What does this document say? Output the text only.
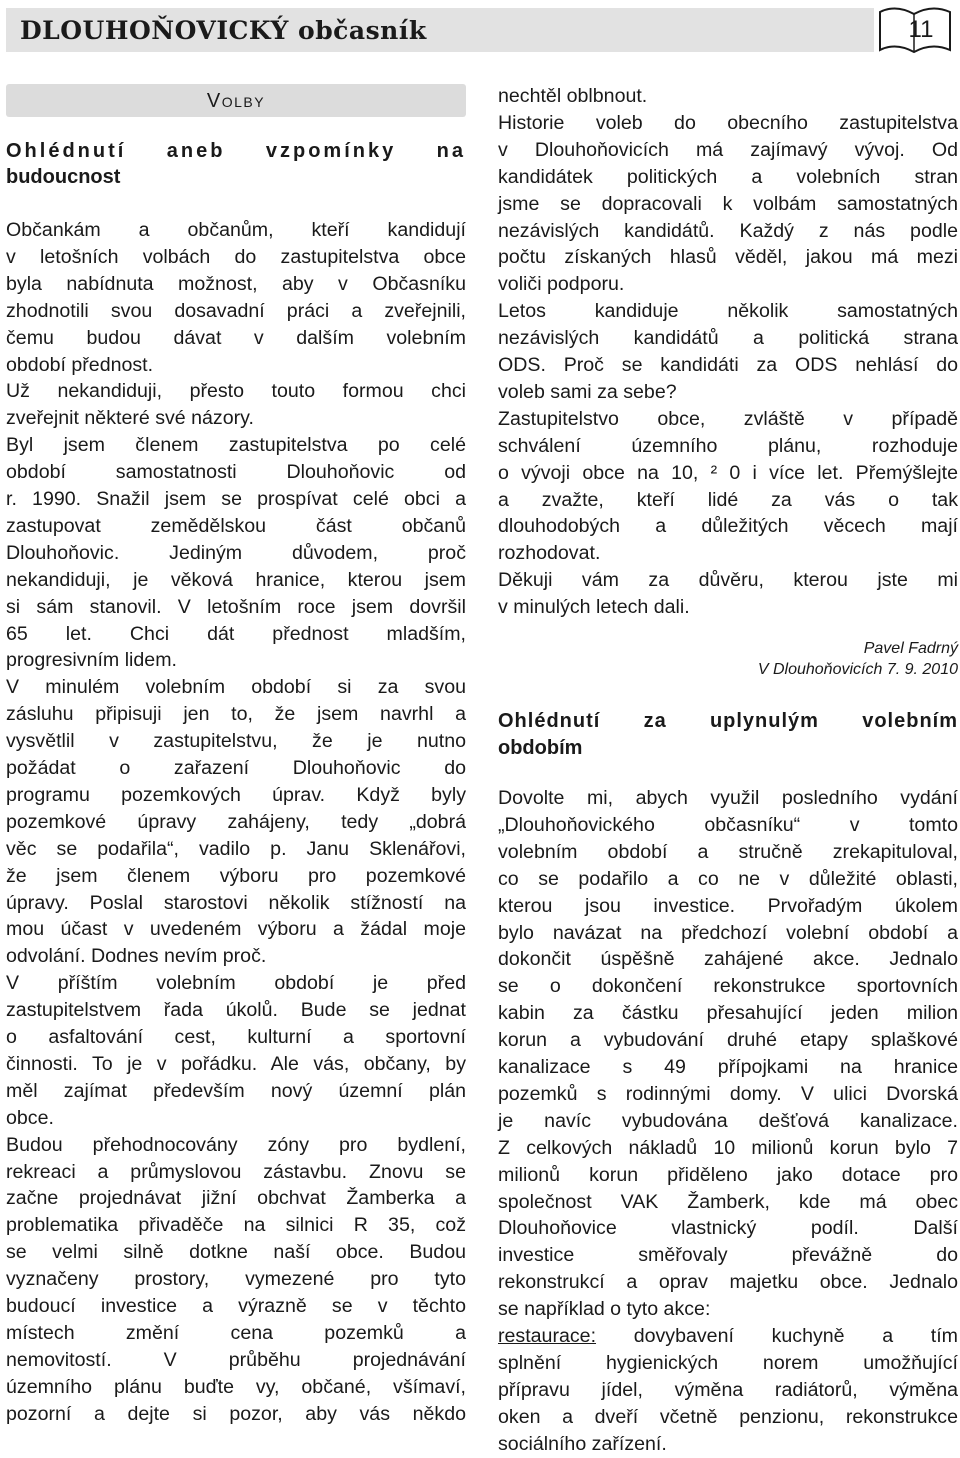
DLOUHOŇOVICKÝ občasník	11
Volby
Ohlédnutí aneb vzpomínky na
budoucnost
Občankám a občanům, kteří kandidují
v letošních volbách do zastupitelstva obce
byla nabídnuta možnost, aby v Občasníku
zhodnotili svou dosavadní práci a zveřejnili,
čemu budou dávat v dalším volebním
období přednost.
Už nekandiduji, přesto touto formou chci
zveřejnit některé své názory.
Byl jsem členem zastupitelstva po celé
období samostatnosti Dlouhoňovic od
r. 1990. Snažil jsem se prospívat celé obci a
zastupovat zemědělskou část občanů
Dlouhoňovic. Jediným důvodem, proč
nekandiduji, je věková hranice, kterou jsem
si sám stanovil. V letošním roce jsem dovršil
65 let. Chci dát přednost mladším,
progresivním lidem.
V minulém volebním období si za svou
zásluhu připisuji jen to, že jsem navrhl a
vysvětlil v zastupitelstvu, že je nutno
požádat o zařazení Dlouhoňovic do
programu pozemkových úprav. Když byly
pozemkové úpravy zahájeny, tedy „dobrá
věc se podařila“, vadilo p. Janu Sklenářovi,
že jsem členem výboru pro pozemkové
úpravy. Poslal starostovi několik stížností na
mou účast v uvedeném výboru a žádal moje
odvolání. Dodnes nevím proč.
V příštím volebním období je před
zastupitelstvem řada úkolů. Bude se jednat
o asfaltování cest, kulturní a sportovní
činnosti. To je v pořádku. Ale vás, občany, by
měl zajímat především nový územní plán
obce.
Budou přehodnocovány zóny pro bydlení,
rekreaci a průmyslovou zástavbu. Znovu se
začne projednávat jižní obchvat Žamberka a
problematika přivaděče na silnici R 35, což
se velmi silně dotkne naší obce. Budou
vyznačeny prostory, vymezené pro tyto
budoucí investice a výrazně se v těchto
místech změní cena pozemků a
nemovitostí. V průběhu projednávání
územního plánu buďte vy, občané, všímaví,
pozorní a dejte si pozor, aby vás někdo
Pavel Fadrný
V Dlouhoňovicích 7. 9. 2010
Ohlédnutí za uplynulým volebním
obdobím
restaurace: dovybavení kuchyně a tím
nechtěl oblbnout.
Historie voleb do obecního zastupitelstva
v Dlouhoňovicích má zajímavý vývoj. Od
kandidátek politických a volebních stran
jsme se dopracovali k volbám samostatných
nezávislých kandidátů. Každý z nás podle
počtu získaných hlasů věděl, jakou má mezi
voliči podporu.
Letos kandiduje několik samostatných
nezávislých kandidátů a politická strana
ODS. Proč se kandidáti za ODS nehlásí do
voleb sami za sebe?
Zastupitelstvo obce, zvláště v případě
schválení územního plánu, rozhoduje
o vývoji obce na 10, ² 0 i více let. Přemýšlejte
a zvažte, kteří lidé za vás o tak
dlouhodobých a důležitých věcech mají
rozhodovat.
Děkuji vám za důvěru, kterou jste mi
v minulých letech dali.
Dovolte mi, abych využil posledního vydání
„Dlouhoňovického občasníku“ v tomto
volebním období a stručně zrekapituloval,
co se podařilo a co ne v důležité oblasti,
kterou jsou investice. Prvořadým úkolem
bylo navázat na předchozí volební období a
dokončit úspěšně zahájené akce. Jednalo
se o dokončení rekonstrukce sportovních
kabin za částku přesahující jeden milion
korun a vybudování druhé etapy splaškové
kanalizace s 49 přípojkami na hranice
pozemků s rodinnými domy. V ulici Dvorská
je navíc vybudována dešťová kanalizace.
Z celkových nákladů 10 milionů korun bylo 7
milionů korun přiděleno jako dotace pro
společnost VAK Žamberk, kde má obec
Dlouhoňovice vlastnický podíl. Další
investice směřovaly převážně do
rekonstrukcí a oprav majetku obce. Jednalo
se například o tyto akce:
splnění hygienických norem umožňující
přípravu jídel, výměna radiátorů, výměna
oken a dveří včetně penzionu, rekonstrukce
sociálního zařízení.
